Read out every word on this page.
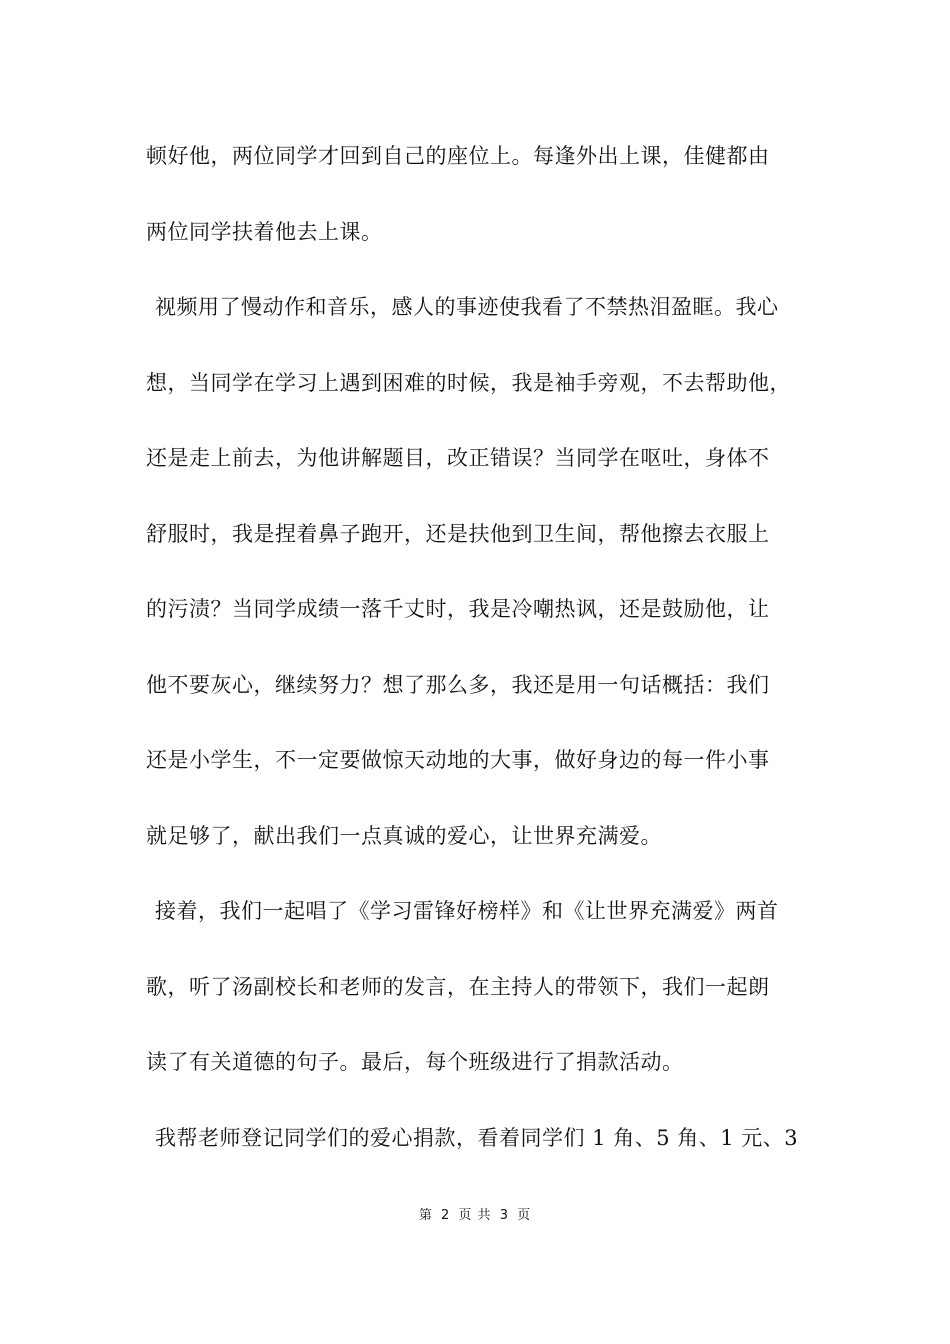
顿好他，两位同学才回到自己的座位上。每逢外出上课，佳健都由
两位同学扶着他去上课。
视频用了慢动作和音乐，感人的事迹使我看了不禁热泪盈眶。我心
想，当同学在学习上遇到困难的时候，我是袖手旁观，不去帮助他，
还是走上前去，为他讲解题目，改正错误？当同学在呕吐，身体不
舒服时，我是捏着鼻子跑开，还是扶他到卫生间，帮他擦去衣服上
的污渍？当同学成绩一落千丈时，我是冷嘲热讽，还是鼓励他，让
他不要灰心，继续努力？想了那么多，我还是用一句话概括：我们
还是小学生，不一定要做惊天动地的大事，做好身边的每一件小事
就足够了，献出我们一点真诚的爱心，让世界充满爱。
接着，我们一起唱了《学习雷锋好榜样》和《让世界充满爱》两首
歌，听了汤副校长和老师的发言，在主持人的带领下，我们一起朗
读了有关道德的句子。最后，每个班级进行了捐款活动。
我帮老师登记同学们的爱心捐款，看着同学们 1 角、5 角、1 元、3
第 2 页 共 3 页
